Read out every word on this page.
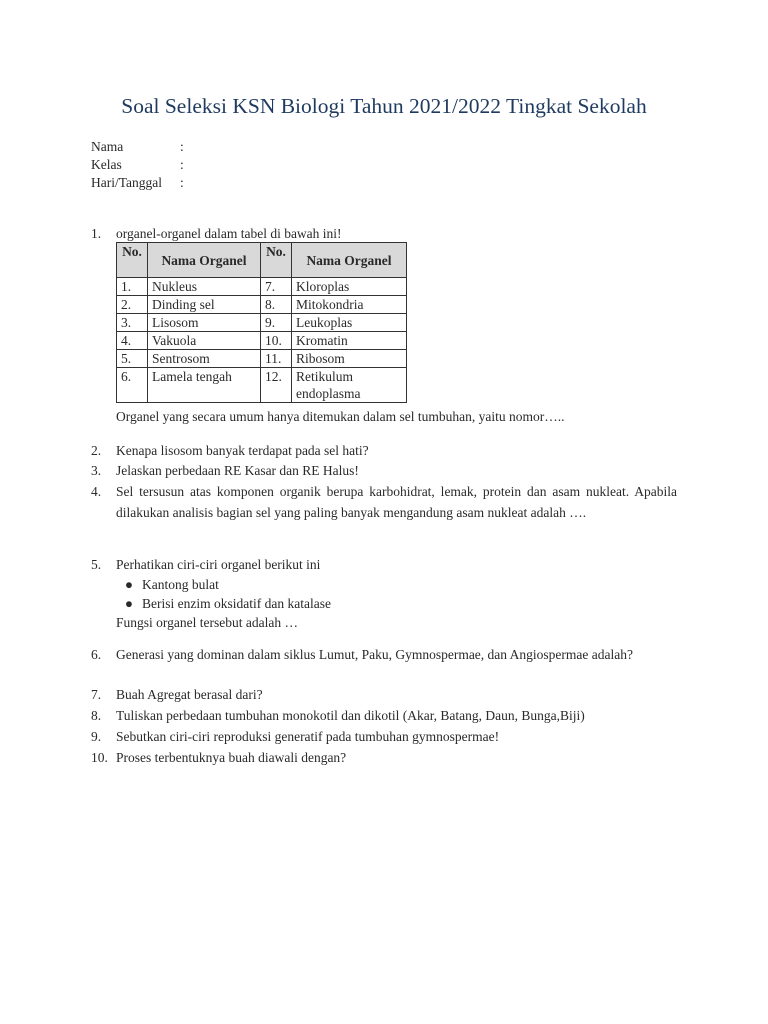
Soal Seleksi KSN Biologi Tahun 2021/2022 Tingkat Sekolah
Nama	:
Kelas	:
Hari/Tanggal	:
1.	organel-organel dalam tabel di bawah ini!
No.	Nama Organel	No.	Nama Organel
1.	Nukleus	7.	Kloroplas
2.	Dinding sel	8.	Mitokondria
3.	Lisosom	9.	Leukoplas
4.	Vakuola	10.	Kromatin
5.	Sentrosom	11.	Ribosom
6.	Lamela tengah	12.	Retikulum endoplasma
Organel yang secara umum hanya ditemukan dalam sel tumbuhan, yaitu nomor…..
2.	Kenapa lisosom banyak terdapat pada sel hati?
3.	Jelaskan perbedaan RE Kasar dan RE Halus!
4.	Sel tersusun atas komponen organik berupa karbohidrat, lemak, protein dan asam nukleat. Apabila dilakukan analisis bagian sel yang paling banyak mengandung asam nukleat adalah ….
5.	Perhatikan ciri-ciri organel berikut ini
● Kantong bulat
● Berisi enzim oksidatif dan katalase
Fungsi organel tersebut adalah …
6.	Generasi yang dominan dalam siklus Lumut, Paku, Gymnospermae, dan Angiospermae adalah?
7.	Buah Agregat berasal dari?
8.	Tuliskan perbedaan tumbuhan monokotil dan dikotil (Akar, Batang, Daun, Bunga,Biji)
9.	Sebutkan ciri-ciri reproduksi generatif pada tumbuhan gymnospermae!
10. Proses terbentuknya buah diawali dengan?
